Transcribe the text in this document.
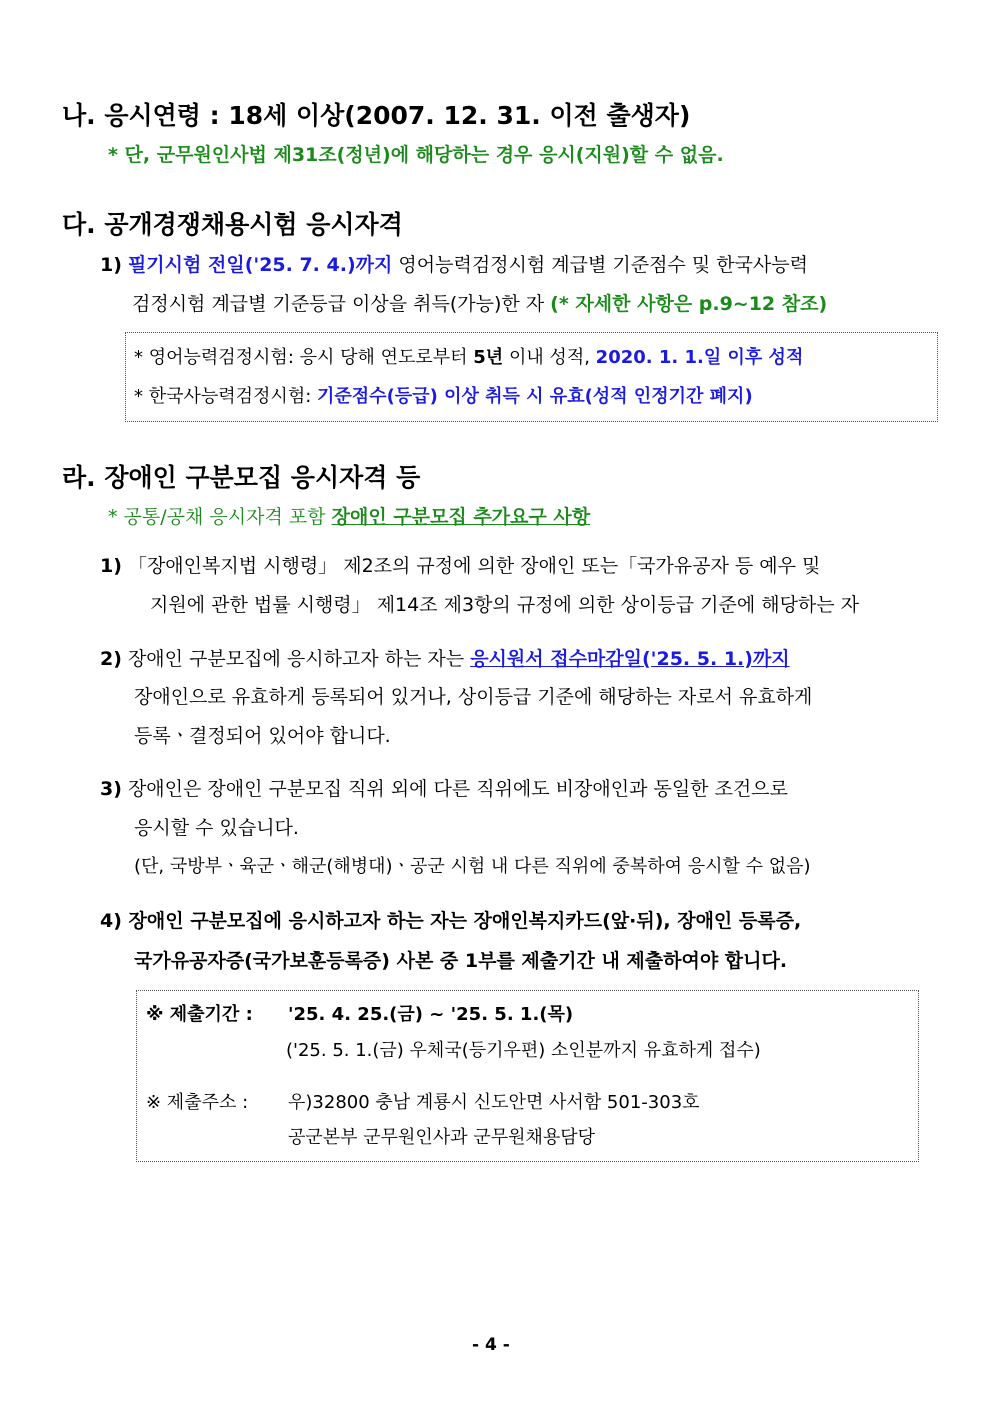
나. 응시연령 : 18세 이상(2007. 12. 31. 이전 출생자)
* 단, 군무원인사법 제31조(정년)에 해당하는 경우 응시(지원)할 수 없음.
다. 공개경쟁채용시험 응시자격
1) 필기시험 전일('25. 7. 4.)까지 영어능력검정시험 계급별 기준점수 및 한국사능력
검정시험 계급별 기준등급 이상을 취득(가능)한 자 (* 자세한 사항은 p.9~12 참조)
* 영어능력검정시험: 응시 당해 연도로부터 5년 이내 성적, 2020. 1. 1.일 이후 성적
* 한국사능력검정시험: 기준점수(등급) 이상 취득 시 유효(성적 인정기간 폐지)
라. 장애인 구분모집 응시자격 등
* 공통/공채 응시자격 포함 장애인 구분모집 추가요구 사항
1) 「장애인복지법 시행령」 제2조의 규정에 의한 장애인 또는「국가유공자 등 예우 및
지원에 관한 법률 시행령」 제14조 제3항의 규정에 의한 상이등급 기준에 해당하는 자
2) 장애인 구분모집에 응시하고자 하는 자는 응시원서 접수마감일('25. 5. 1.)까지
장애인으로 유효하게 등록되어 있거나, 상이등급 기준에 해당하는 자로서 유효하게
등록ㆍ결정되어 있어야 합니다.
3) 장애인은 장애인 구분모집 직위 외에 다른 직위에도 비장애인과 동일한 조건으로
응시할 수 있습니다.
(단, 국방부ㆍ육군ㆍ해군(해병대)ㆍ공군 시험 내 다른 직위에 중복하여 응시할 수 없음)
4) 장애인 구분모집에 응시하고자 하는 자는 장애인복지카드(앞·뒤), 장애인 등록증,
국가유공자증(국가보훈등록증) 사본 중 1부를 제출기간 내 제출하여야 합니다.
※ 제출기간 : '25. 4. 25.(금) ~ '25. 5. 1.(목)
('25. 5. 1.(금) 우체국(등기우편) 소인분까지 유효하게 접수)
※ 제출주소 : 우)32800 충남 계룡시 신도안면 사서함 501-303호
공군본부 군무원인사과 군무원채용담당
- 4 -
